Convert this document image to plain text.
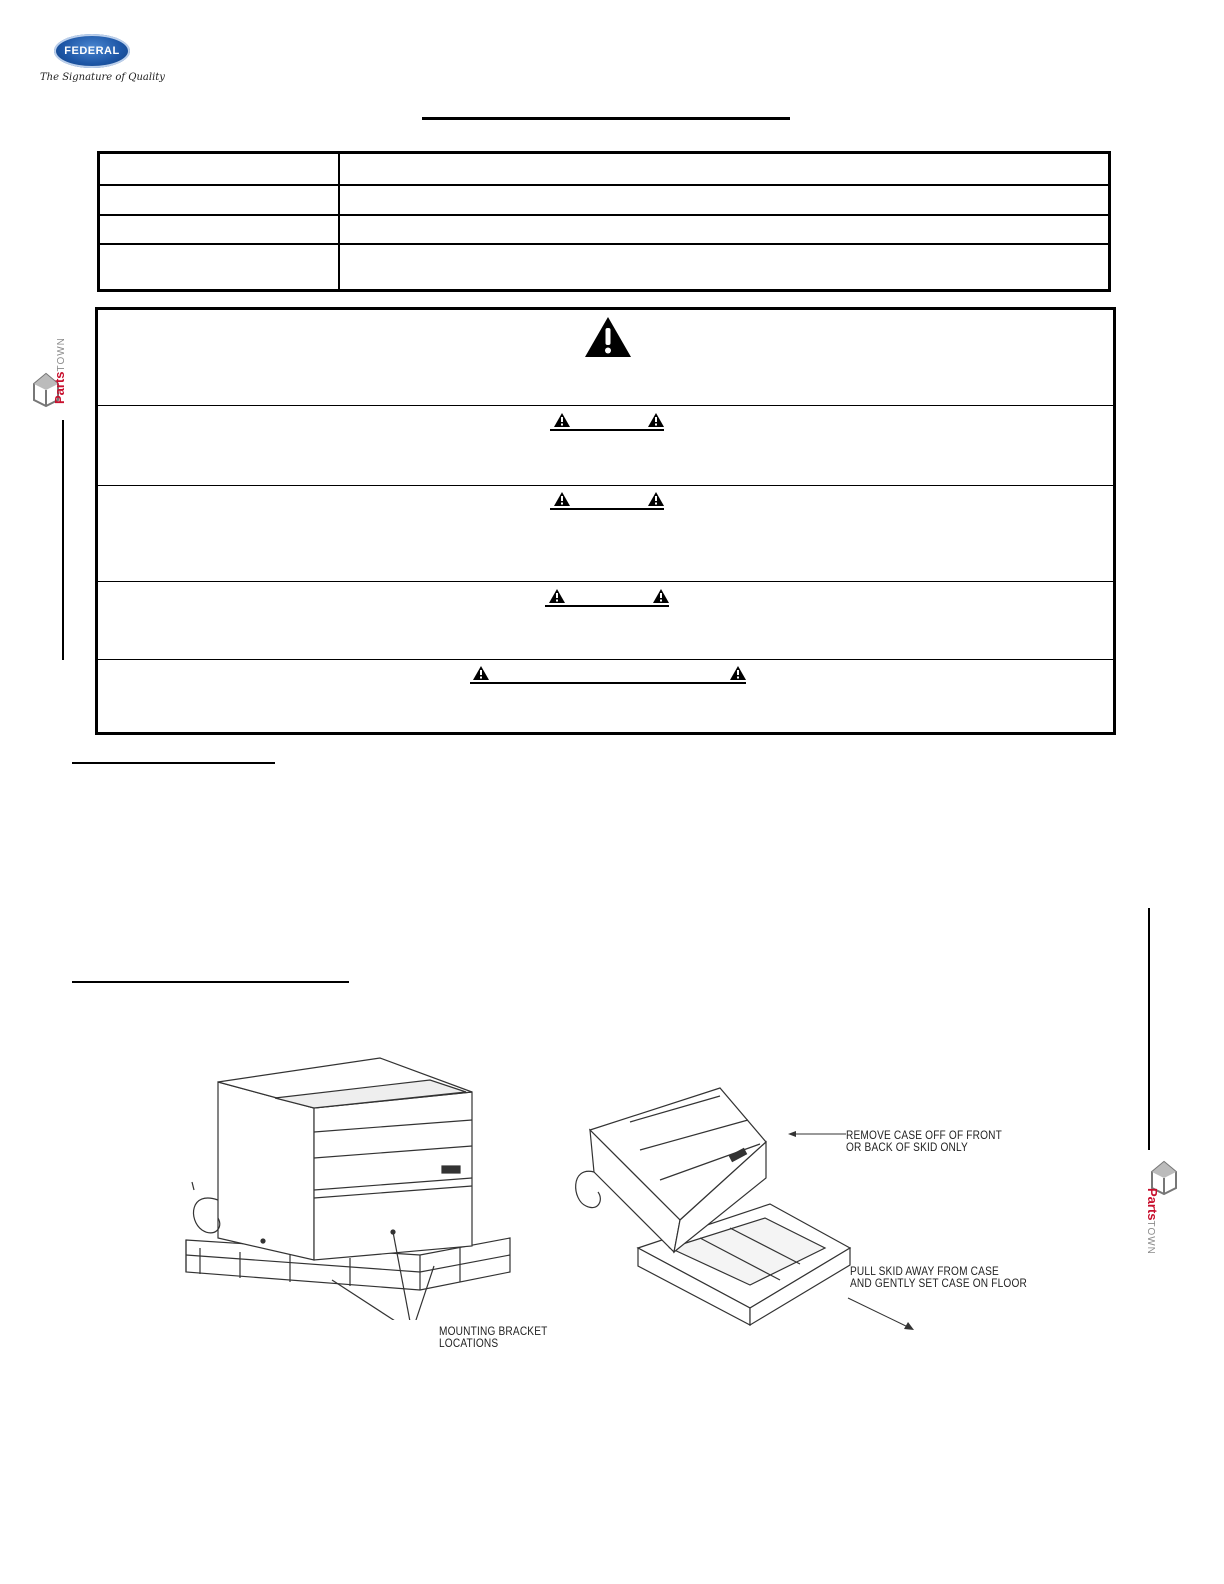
FEDERAL
The Signature of Quality
PartsTOWN
PartsTOWN
MOUNTING BRACKET
LOCATIONS
REMOVE CASE OFF OF FRONT
OR BACK OF SKID ONLY
PULL SKID AWAY FROM CASE
AND GENTLY SET CASE ON FLOOR
